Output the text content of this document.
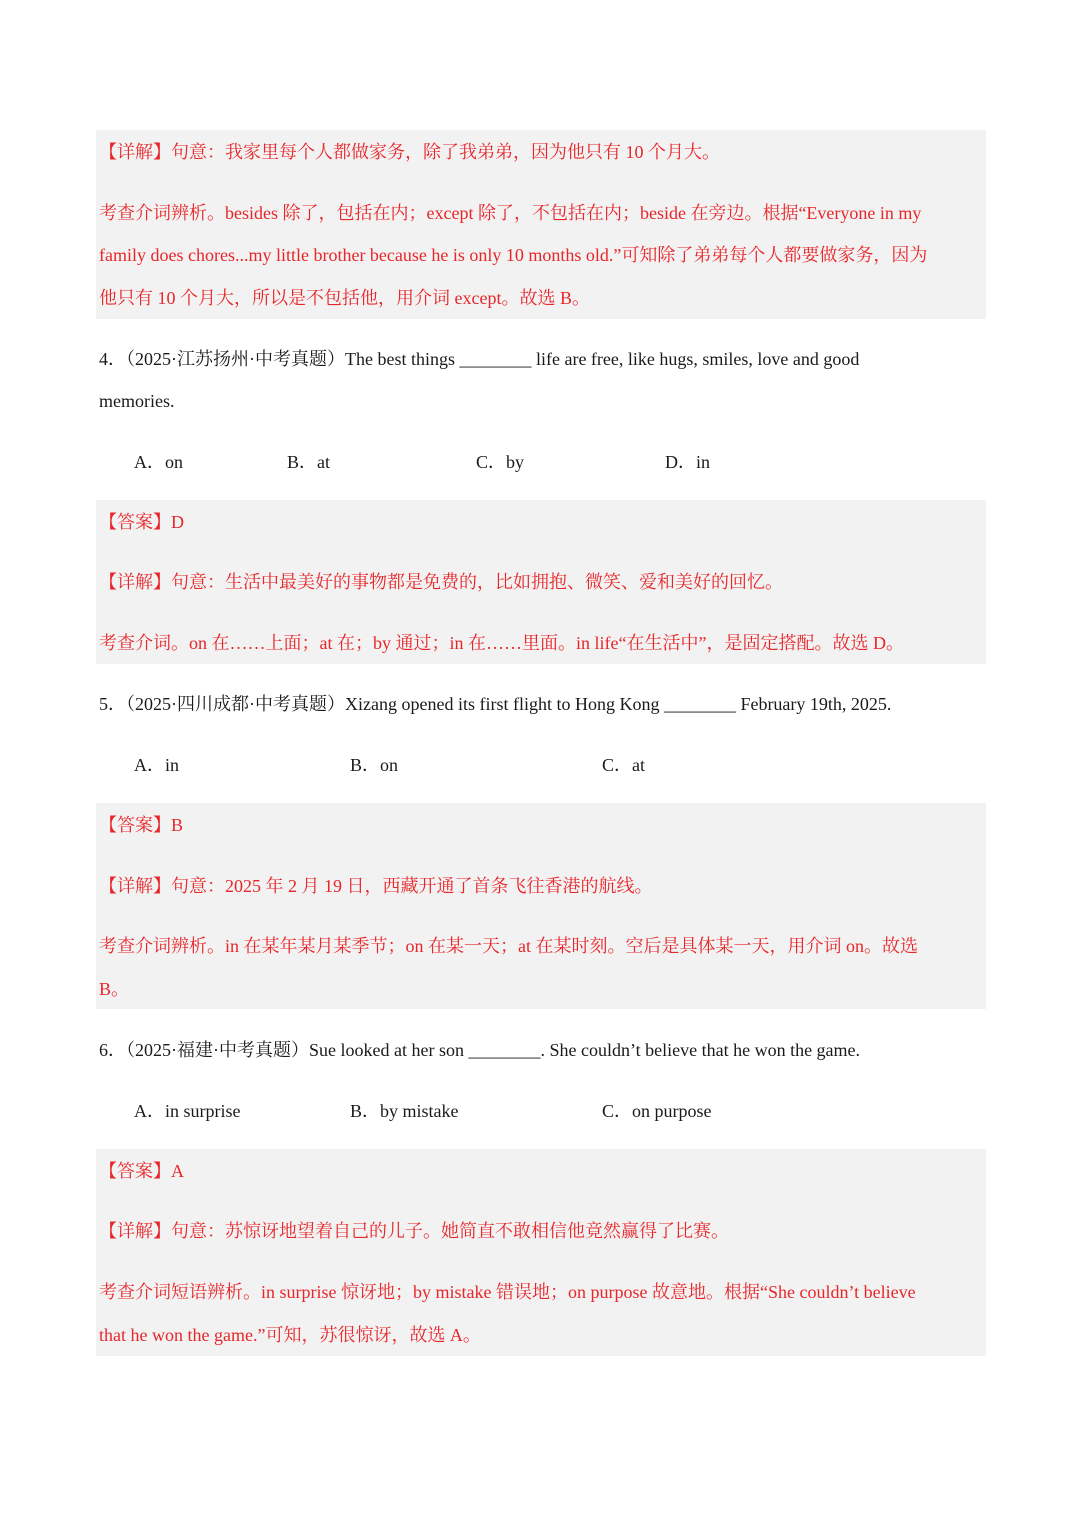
【详解】句意：我家里每个人都做家务，除了我弟弟，因为他只有 10 个月大。
考查介词辨析。besides 除了，包括在内；except 除了，不包括在内；beside 在旁边。根据“Everyone in my
family does chores...my little brother because he is only 10 months old.”可知除了弟弟每个人都要做家务，因为
他只有 10 个月大，所以是不包括他，用介词 except。故选 B。
4．（2025·江苏扬州·中考真题）The best things ________ life are free, like hugs, smiles, love and good
memories.
A．on	B．at	C．by	D．in
【答案】D
【详解】句意：生活中最美好的事物都是免费的，比如拥抱、微笑、爱和美好的回忆。
考查介词。on 在……上面；at 在；by 通过；in 在……里面。in life“在生活中”，是固定搭配。故选 D。
5．（2025·四川成都·中考真题）Xizang opened its first flight to Hong Kong ________ February 19th, 2025.
A．in	B．on	C．at
【答案】B
【详解】句意：2025 年 2 月 19 日，西藏开通了首条飞往香港的航线。
考查介词辨析。in 在某年某月某季节；on 在某一天；at 在某时刻。空后是具体某一天，用介词 on。故选
B。
6．（2025·福建·中考真题）Sue looked at her son ________. She couldn’t believe that he won the game.
A．in surprise	B．by mistake	C．on purpose
【答案】A
【详解】句意：苏惊讶地望着自己的儿子。她简直不敢相信他竟然赢得了比赛。
考查介词短语辨析。in surprise 惊讶地；by mistake 错误地；on purpose 故意地。根据“She couldn’t believe
that he won the game.”可知，苏很惊讶，故选 A。
